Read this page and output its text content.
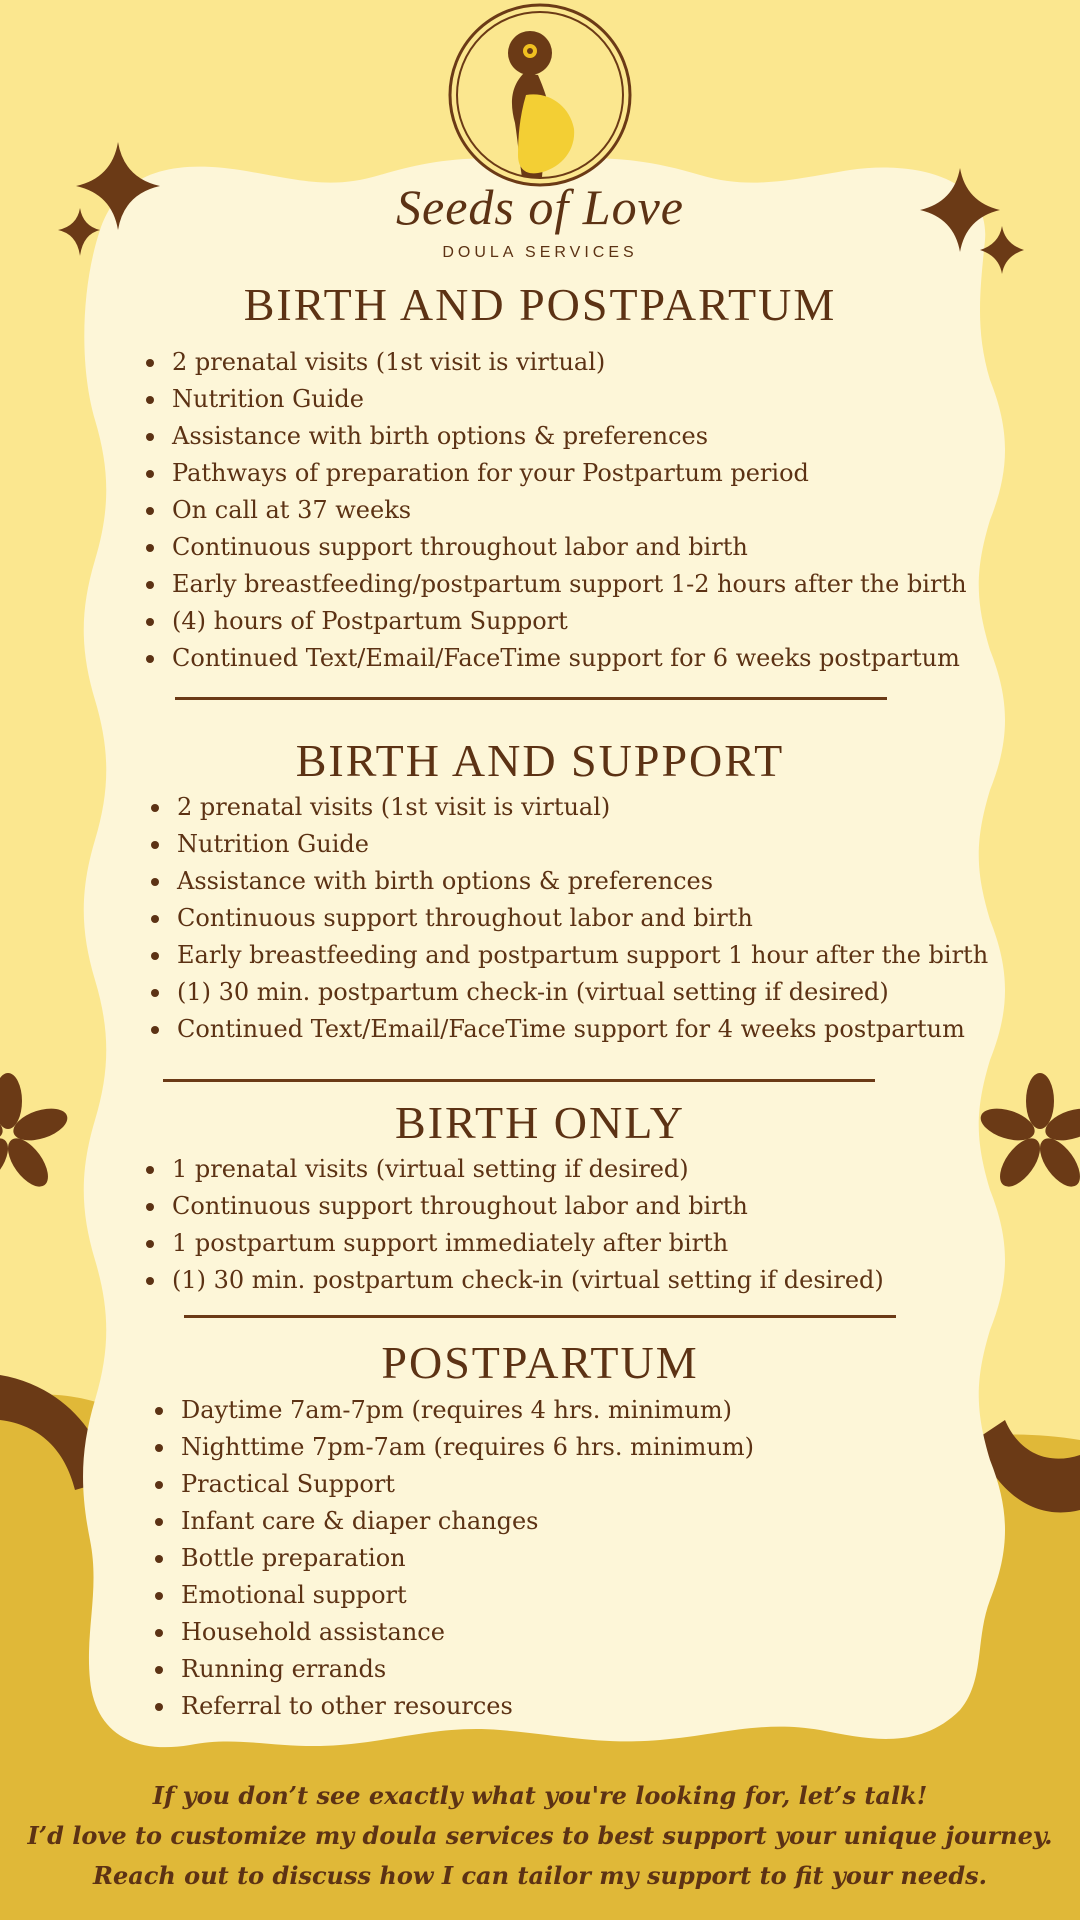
Seeds of Love
DOULA SERVICES
BIRTH AND POSTPARTUM
2 prenatal visits (1st visit is virtual)
Nutrition Guide
Assistance with birth options & preferences
Pathways of preparation for your Postpartum period
On call at 37 weeks
Continuous support throughout labor and birth
Early breastfeeding/postpartum support 1-2 hours after the birth
(4) hours of Postpartum Support
Continued Text/Email/FaceTime support for 6 weeks postpartum
BIRTH AND SUPPORT
2 prenatal visits (1st visit is virtual)
Nutrition Guide
Assistance with birth options & preferences
Continuous support throughout labor and birth
Early breastfeeding and postpartum support 1 hour after the birth
(1) 30 min. postpartum check-in (virtual setting if desired)
Continued Text/Email/FaceTime support for 4 weeks postpartum
BIRTH ONLY
1 prenatal visits (virtual setting if desired)
Continuous support throughout labor and birth
1 postpartum support immediately after birth
(1) 30 min. postpartum check-in (virtual setting if desired)
POSTPARTUM
Daytime 7am-7pm (requires 4 hrs. minimum)
Nighttime 7pm-7am (requires 6 hrs. minimum)
Practical Support
Infant care & diaper changes
Bottle preparation
Emotional support
Household assistance
Running errands
Referral to other resources
If you don’t see exactly what you're looking for, let’s talk!
I’d love to customize my doula services to best support your unique journey.
Reach out to discuss how I can tailor my support to fit your needs.
